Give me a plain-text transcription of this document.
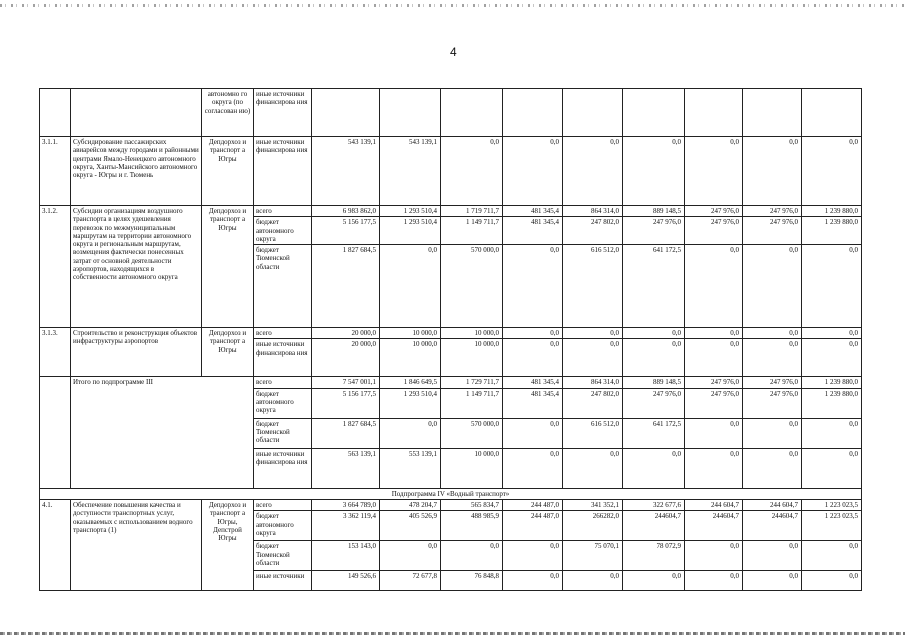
4
		автономно го округа (по согласован ию)	иные источники финансирова ния									
3.1.1.	Субсидирование пассажирских авиарейсов между городами и районными центрами Ямало-Ненецкого автономного округа, Ханты-Мансийского автономного округа - Югры и г. Тюмень	Депдорхоз и транспорт а Югры	иные источники финансирова ния	543 139,1	543 139,1	0,0	0,0	0,0	0,0	0,0	0,0	0,0
3.1.2.	Субсидии организациям воздушного транспорта в целях удешевления перевозок по межмуниципальным маршрутам на территории автономного округа и региональным маршрутам, возмещения фактически понесенных затрат от основной деятельности аэропортов, находящихся в собственности автономного округа	Депдорхоз и транспорт а Югры	всего	6 983 862,0	1 293 510,4	1 719 711,7	481 345,4	864 314,0	889 148,5	247 976,0	247 976,0	1 239 880,0
			бюджет автономного округа	5 156 177,5	1 293 510,4	1 149 711,7	481 345,4	247 802,0	247 976,0	247 976,0	247 976,0	1 239 880,0
			бюджет Тюменской области	1 827 684,5	0,0	570 000,0	0,0	616 512,0	641 172,5	0,0	0,0	0,0
3.1.3.	Строительство и реконструкция объектов инфраструктуры аэропортов	Депдорхоз и транспорт а Югры	всего	20 000,0	10 000,0	10 000,0	0,0	0,0	0,0	0,0	0,0	0,0
			иные источники финансирова ния	20 000,0	10 000,0	10 000,0	0,0	0,0	0,0	0,0	0,0	0,0
	Итого по подпрограмме III		всего	7 547 001,1	1 846 649,5	1 729 711,7	481 345,4	864 314,0	889 148,5	247 976,0	247 976,0	1 239 880,0
			бюджет автономного округа	5 156 177,5	1 293 510,4	1 149 711,7	481 345,4	247 802,0	247 976,0	247 976,0	247 976,0	1 239 880,0
			бюджет Тюменской области	1 827 684,5	0,0	570 000,0	0,0	616 512,0	641 172,5	0,0	0,0	0,0
			иные источники финансирова ния	563 139,1	553 139,1	10 000,0	0,0	0,0	0,0	0,0	0,0	0,0
Подпрограмма IV «Водный транспорт»												
4.1.	Обеспечение повышения качества и доступности транспортных услуг, оказываемых с использованием водного транспорта (1)	Депдорхоз и транспорт а Югры, Депстрой Югры	всего	3 664 789,0	478 204,7	565 834,7	244 487,0	341 352,1	322 677,6	244 604,7	244 604,7	1 223 023,5
			бюджет автономного округа	3 362 119,4	405 526,9	488 985,9	244 487,0	266282,0	244604,7	244604,7	244604,7	1 223 023,5
			бюджет Тюменской области	153 143,0	0,0	0,0	0,0	75 070,1	78 072,9	0,0	0,0	0,0
			иные источники	149 526,6	72 677,8	76 848,8	0,0	0,0	0,0	0,0	0,0	0,0
